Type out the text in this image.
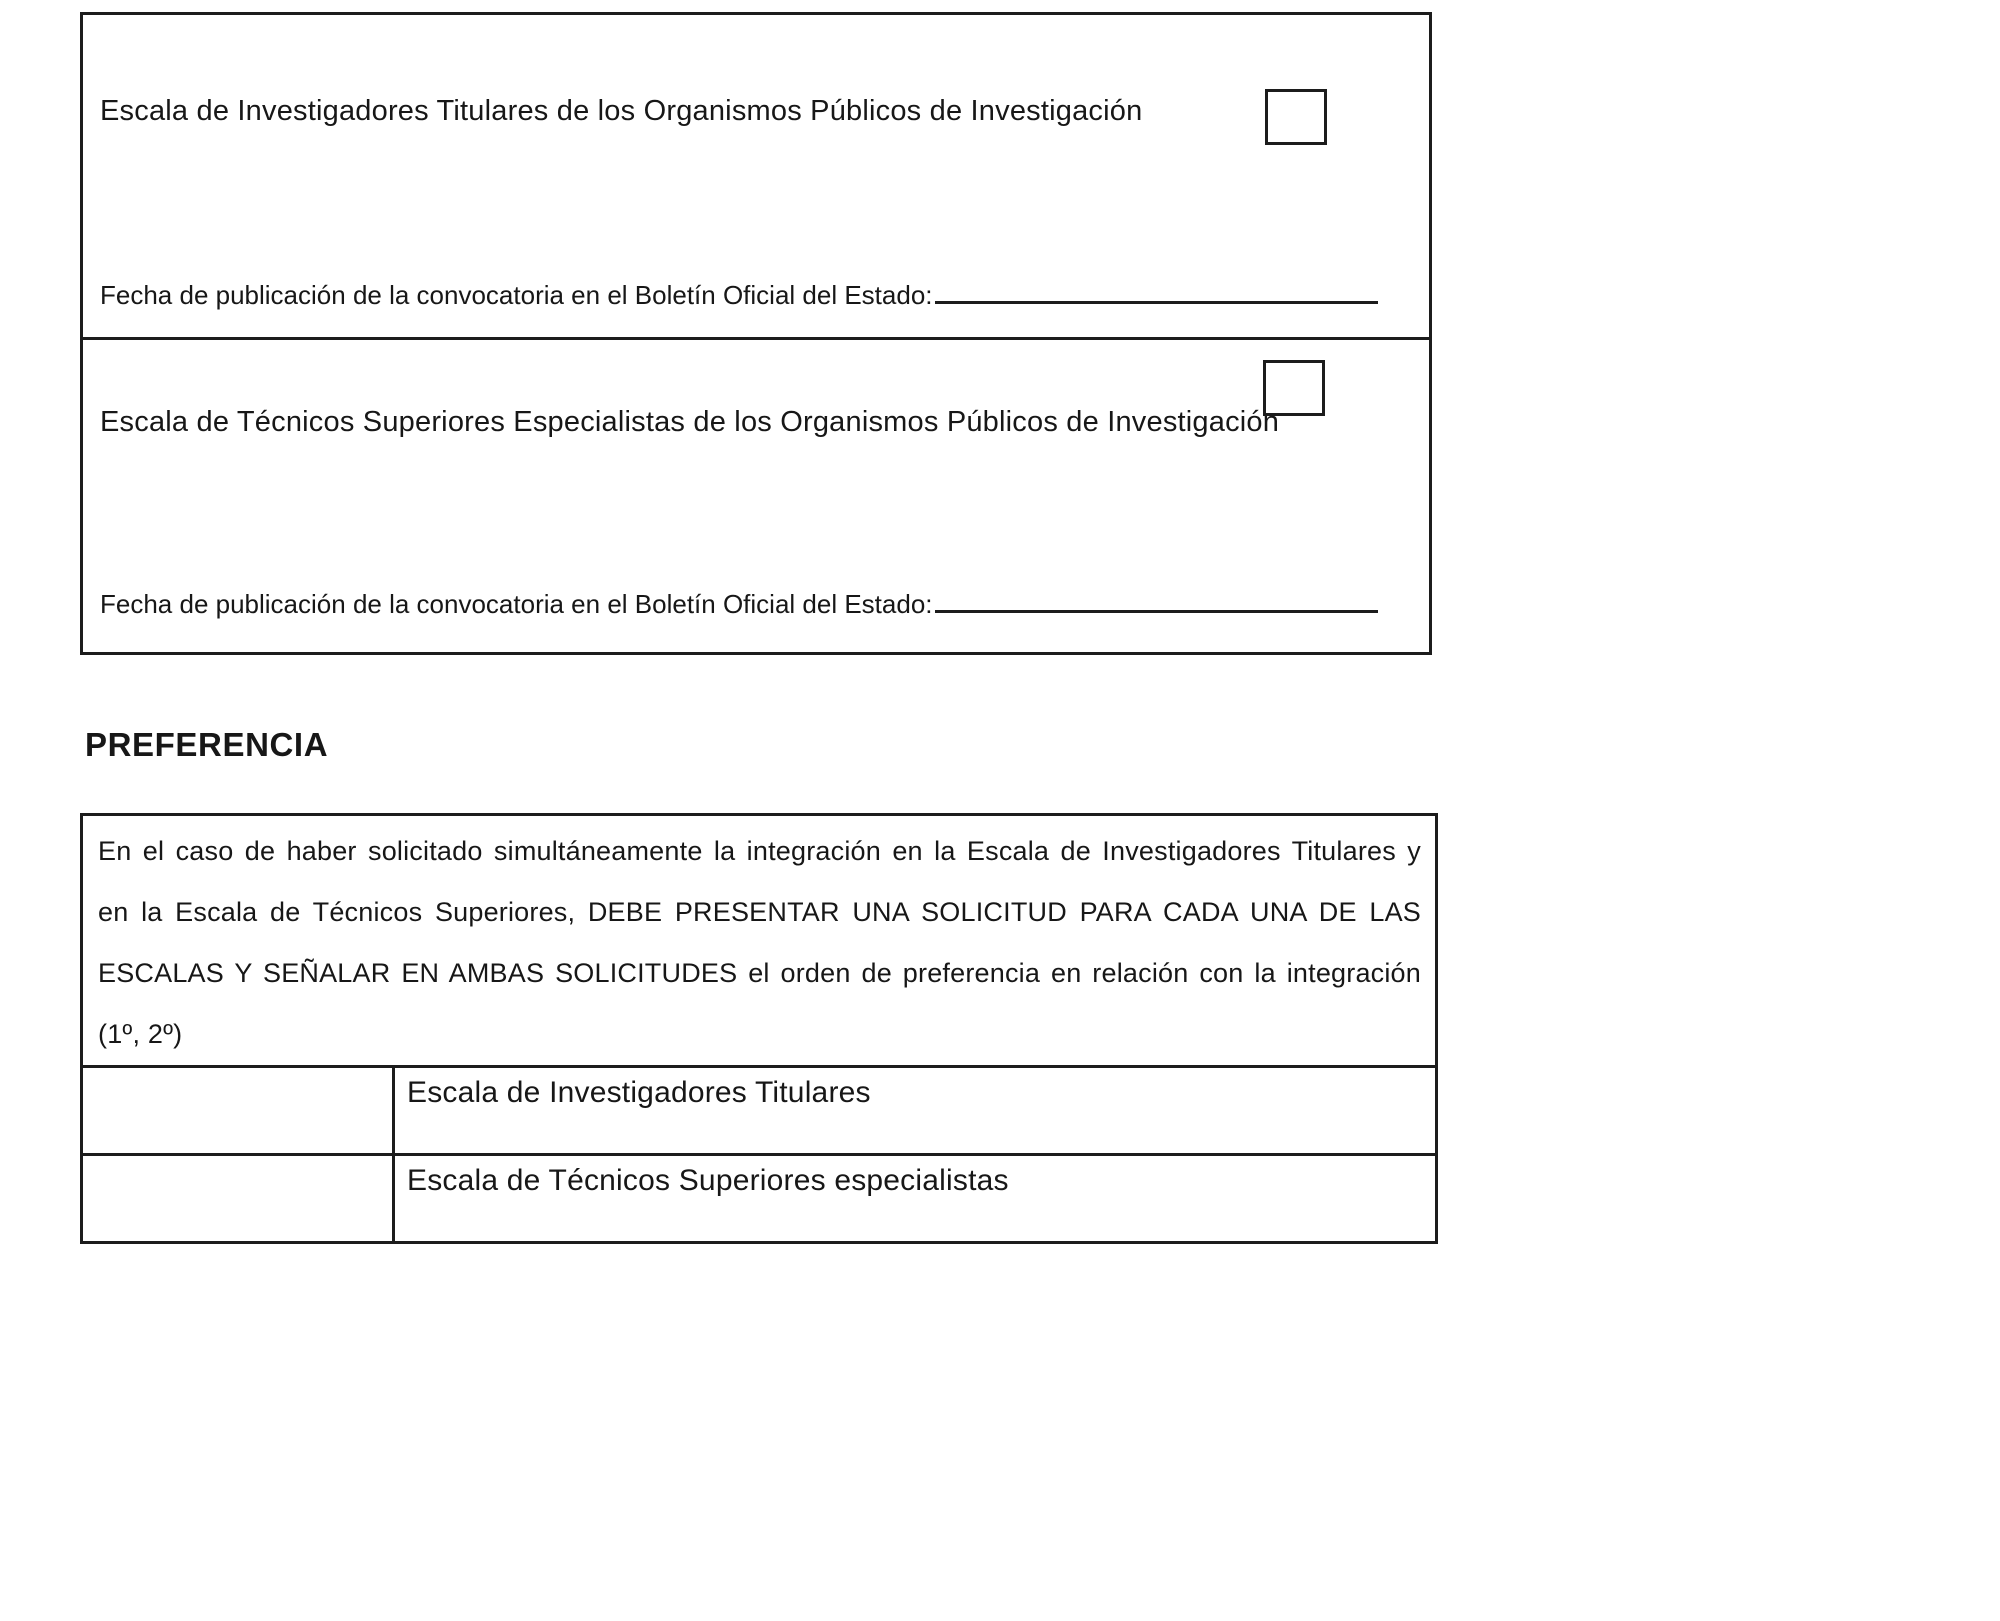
Escala de Investigadores Titulares de los Organismos Públicos de Investigación
Fecha de publicación de la convocatoria en el Boletín Oficial del Estado:
Escala de Técnicos Superiores Especialistas de los Organismos Públicos de Investigación
Fecha de publicación de la convocatoria en el Boletín Oficial del Estado:
PREFERENCIA
En el caso de haber solicitado simultáneamente la integración en la Escala de Investigadores Titulares y
en la Escala de Técnicos Superiores, DEBE PRESENTAR UNA SOLICITUD PARA CADA UNA DE LAS
ESCALAS Y SEÑALAR EN AMBAS SOLICITUDES el orden de preferencia en relación con la integración
(1º, 2º)
Escala de Investigadores Titulares
Escala de Técnicos Superiores especialistas
